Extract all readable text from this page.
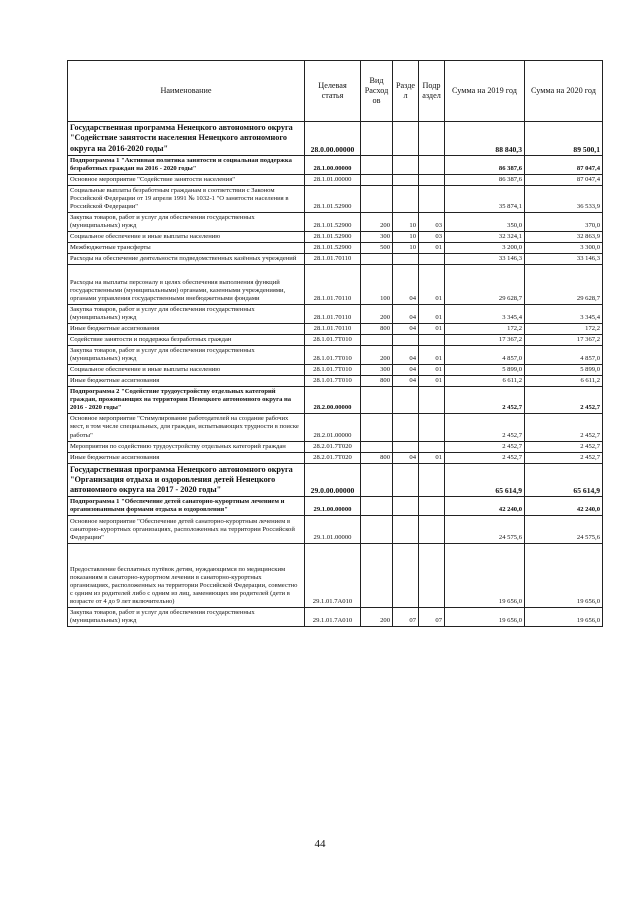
Наименование	Целевая статья	Вид Расход ов	Разде л	Подр аздел	Сумма на 2019 год	Сумма на 2020 год
Государственная программа Ненецкого автономного округа "Содействие занятости населения Ненецкого автономного округа на 2016-2020 годы"	28.0.00.00000				88 840,3	89 500,1
Подпрограмма 1 "Активная политика занятости и социальная поддержка безработных граждан на 2016 - 2020 годы"	28.1.00.00000				86 387,6	87 047,4
Основное мероприятие "Содействие занятости населения"	28.1.01.00000				86 387,6	87 047,4
Социальные выплаты безработным гражданам в соответствии с Законом Российской Федерации от 19 апреля 1991 № 1032-1 "О занятости населения в Российской Федерации"	28.1.01.52900				35 874,1	36 533,9
Закупка товаров, работ и услуг для обеспечения государственных (муниципальных) нужд	28.1.01.52900	200	10	03	350,0	370,0
Социальное обеспечение и иные выплаты населению	28.1.01.52900	300	10	03	32 324,1	32 863,9
Межбюджетные трансферты	28.1.01.52900	500	10	01	3 200,0	3 300,0
Расходы на обеспечение деятельности подведомственных казённых учреждений	28.1.01.70110				33 146,3	33 146,3
Расходы на выплаты персоналу в целях обеспечения выполнения функций государственными (муниципальными) органами, казенными учреждениями, органами управления государственными внебюджетными фондами	28.1.01.70110	100	04	01	29 628,7	29 628,7
Закупка товаров, работ и услуг для обеспечения государственных (муниципальных) нужд	28.1.01.70110	200	04	01	3 345,4	3 345,4
Иные бюджетные ассигнования	28.1.01.70110	800	04	01	172,2	172,2
Содействие занятости и поддержка безработных граждан	28.1.01.7Т010				17 367,2	17 367,2
Закупка товаров, работ и услуг для обеспечения государственных (муниципальных) нужд	28.1.01.7Т010	200	04	01	4 857,0	4 857,0
Социальное обеспечение и иные выплаты населению	28.1.01.7Т010	300	04	01	5 899,0	5 899,0
Иные бюджетные ассигнования	28.1.01.7Т010	800	04	01	6 611,2	6 611,2
Подпрограмма 2 "Содействие трудоустройству отдельных категорий граждан, проживающих на территории Ненецкого автономного округа на 2016 - 2020 годы"	28.2.00.00000				2 452,7	2 452,7
Основное мероприятие "Стимулирование работодателей на создание рабочих мест, в том числе специальных, для граждан, испытывающих трудности в поиске работы"	28.2.01.00000				2 452,7	2 452,7
Мероприятия по содействию трудоустройству отдельных категорий граждан	28.2.01.7Т020				2 452,7	2 452,7
Иные бюджетные ассигнования	28.2.01.7Т020	800	04	01	2 452,7	2 452,7
Государственная программа Ненецкого автономного округа "Организация отдыха и оздоровления детей Ненецкого автономного округа на 2017 - 2020 годы"	29.0.00.00000				65 614,9	65 614,9
Подпрограмма 1 "Обеспечение детей санаторно-курортным лечением и организованными формами отдыха и оздоровления"	29.1.00.00000				42 240,0	42 240,0
Основное мероприятие "Обеспечение детей санаторно-курортным лечением в санаторно-курортных организациях, расположенных на территории Российской Федерации"	29.1.01.00000				24 575,6	24 575,6
Предоставление бесплатных путёвок детям, нуждающимся по медицинским показаниям в санаторно-курортном лечении в санаторно-курортных организациях, расположенных на территории Российской Федерации, совместно с одним из родителей либо с одним из лиц, заменяющих им родителей (дети в возрасте от 4 до 9 лет включительно)	29.1.01.7А010				19 656,0	19 656,0
Закупка товаров, работ и услуг для обеспечения государственных (муниципальных) нужд	29.1.01.7А010	200	07	07	19 656,0	19 656,0
44
